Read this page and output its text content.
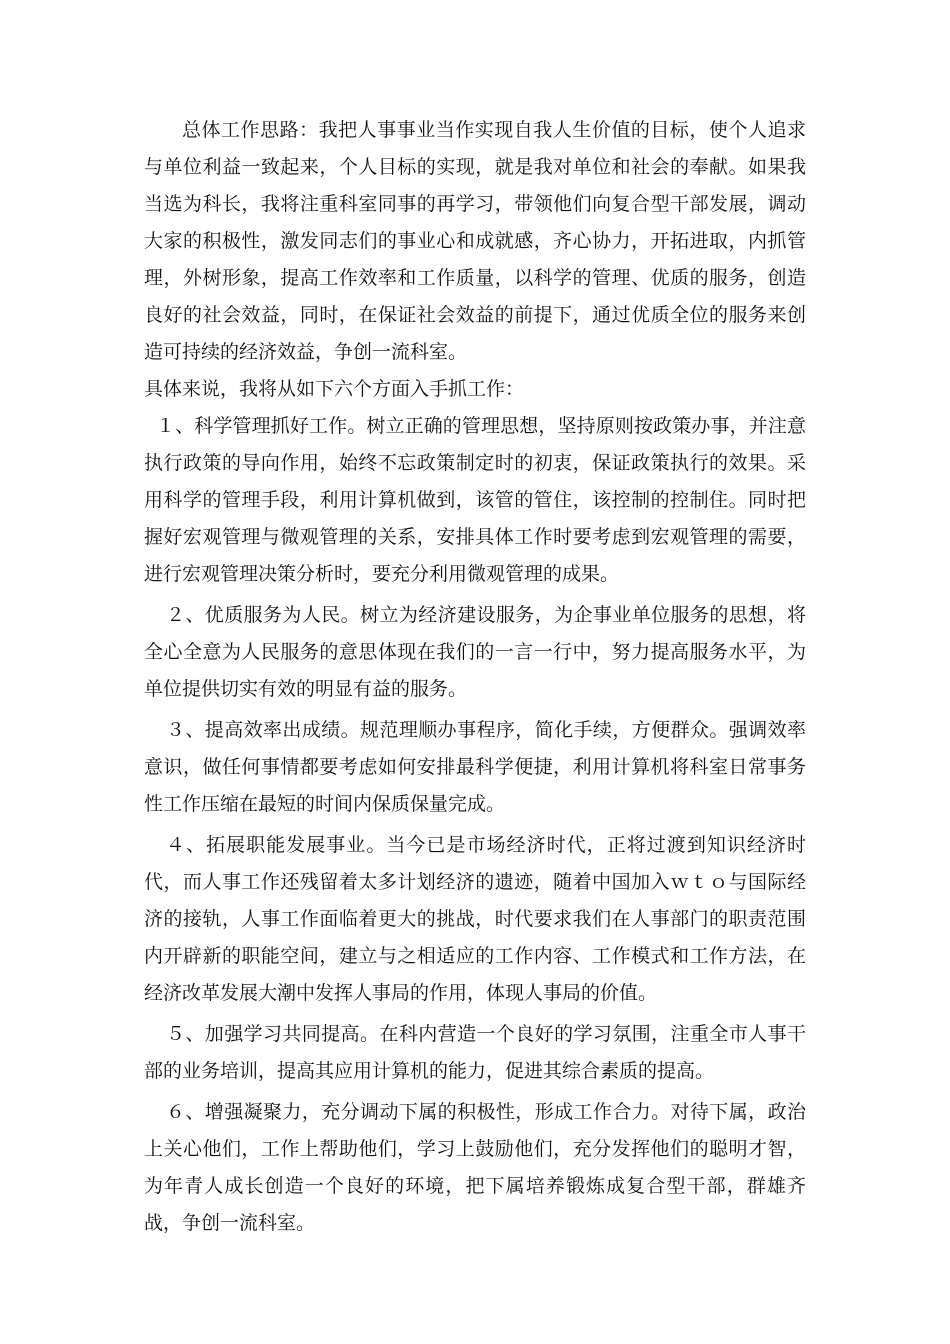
总体工作思路：我把人事事业当作实现自我人生价值的目标，使个人追求与单位利益一致起来，个人目标的实现，就是我对单位和社会的奉献。如果我当选为科长，我将注重科室同事的再学习，带领他们向复合型干部发展，调动大家的积极性，激发同志们的事业心和成就感，齐心协力，开拓进取，内抓管理，外树形象，提高工作效率和工作质量，以科学的管理、优质的服务，创造良好的社会效益，同时，在保证社会效益的前提下，通过优质全位的服务来创造可持续的经济效益，争创一流科室。

具体来说，我将从如下六个方面入手抓工作：

１、科学管理抓好工作。树立正确的管理思想，坚持原则按政策办事，并注意执行政策的导向作用，始终不忘政策制定时的初衷，保证政策执行的效果。采用科学的管理手段，利用计算机做到，该管的管住，该控制的控制住。同时把握好宏观管理与微观管理的关系，安排具体工作时要考虑到宏观管理的需要，进行宏观管理决策分析时，要充分利用微观管理的成果。

２、优质服务为人民。树立为经济建设服务，为企事业单位服务的思想，将全心全意为人民服务的意思体现在我们的一言一行中，努力提高服务水平，为单位提供切实有效的明显有益的服务。

３、提高效率出成绩。规范理顺办事程序，简化手续，方便群众。强调效率意识，做任何事情都要考虑如何安排最科学便捷，利用计算机将科室日常事务性工作压缩在最短的时间内保质保量完成。

４、拓展职能发展事业。当今已是市场经济时代，正将过渡到知识经济时代，而人事工作还残留着太多计划经济的遗迹，随着中国加入ｗｔｏ与国际经济的接轨，人事工作面临着更大的挑战，时代要求我们在人事部门的职责范围内开辟新的职能空间，建立与之相适应的工作内容、工作模式和工作方法，在经济改革发展大潮中发挥人事局的作用，体现人事局的价值。

５、加强学习共同提高。在科内营造一个良好的学习氛围，注重全市人事干部的业务培训，提高其应用计算机的能力，促进其综合素质的提高。

６、增强凝聚力，充分调动下属的积极性，形成工作合力。对待下属，政治上关心他们，工作上帮助他们，学习上鼓励他们，充分发挥他们的聪明才智，为年青人成长创造一个良好的环境，把下属培养锻炼成复合型干部，群雄齐战，争创一流科室。
